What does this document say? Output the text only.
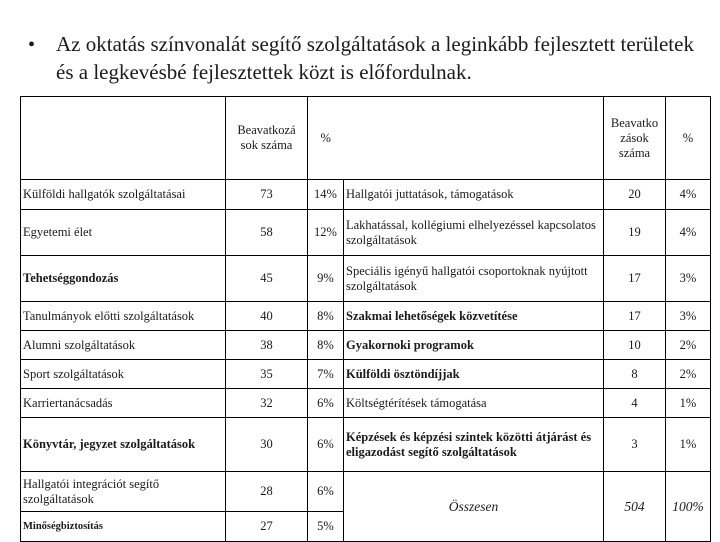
• Az oktatás színvonalát segítő szolgáltatások a leginkább fejlesztett területek és a legkevésbé fejlesztettek közt is előfordulnak.
	Beavatkozá sok száma	%		Beavatko zások száma	%
Külföldi hallgatók szolgáltatásai	73	14%	Hallgatói juttatások, támogatások	20	4%
Egyetemi élet	58	12%	Lakhatással, kollégiumi elhelyezéssel kapcsolatos szolgáltatások	19	4%
Tehetséggondozás	45	9%	Speciális igényű hallgatói csoportoknak nyújtott szolgáltatások	17	3%
Tanulmányok előtti szolgáltatások	40	8%	Szakmai lehetőségek közvetítése	17	3%
Alumni szolgáltatások	38	8%	Gyakornoki programok	10	2%
Sport szolgáltatások	35	7%	Külföldi ösztöndíjjak	8	2%
Karriertanácsadás	32	6%	Költségtérítések támogatása	4	1%
Könyvtár, jegyzet szolgáltatások	30	6%	Képzések és képzési szintek közötti átjárást és eligazodást segítő szolgáltatások	3	1%
Hallgatói integrációt segítő szolgáltatások	28	6%	Összesen	504	100%
Minőségbiztosítás	27	5%			
